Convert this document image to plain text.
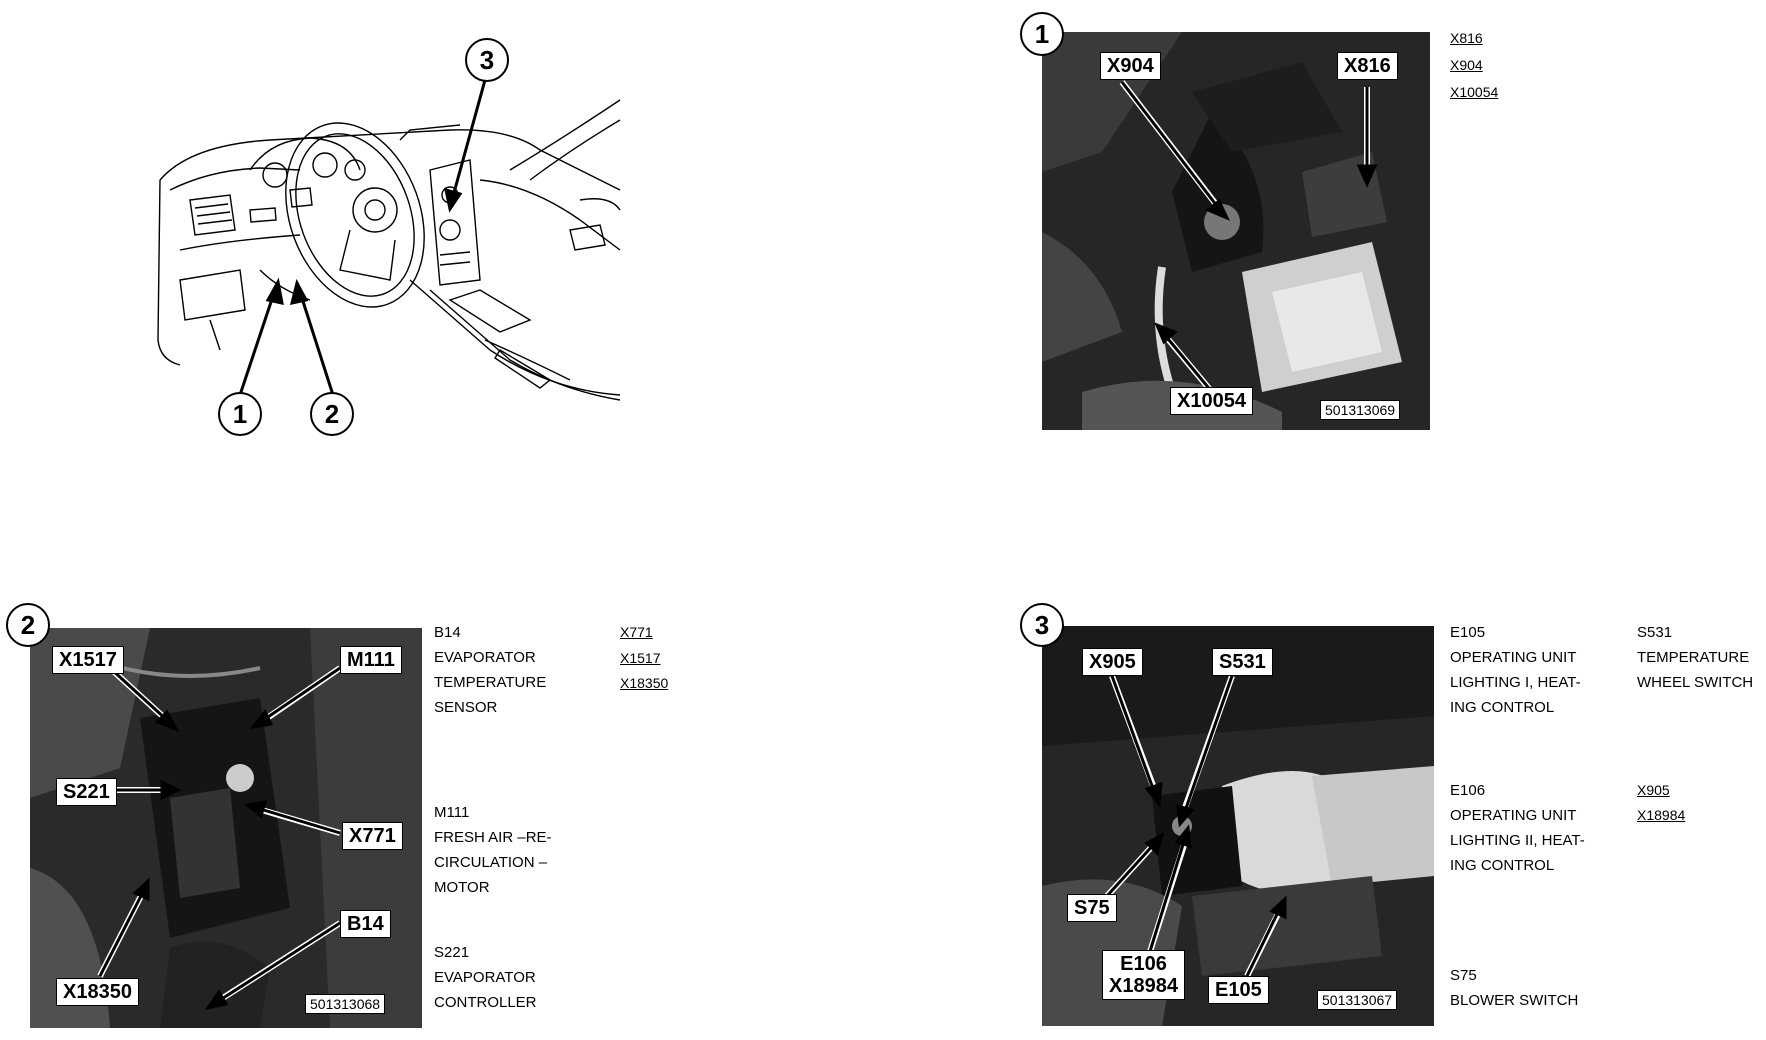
1	2
3	X904	X816
X10054	501313069
1	X816
X904
X10054
X1517	M111
S221
X771
B14
X18350
501313068
2	B14
EVAPORATOR
TEMPERATURE
SENSOR
M111
FRESH AIR –RE-
CIRCULATION –
MOTOR
S221
EVAPORATOR
CONTROLLER
X771
X1517
X18350
X905	S531
S75
E106
X18984	E105	501313067
3	E105
OPERATING UNIT
LIGHTING I, HEAT-
ING CONTROL
S531
TEMPERATURE
WHEEL SWITCH
E106
OPERATING UNIT
LIGHTING II, HEAT-
ING CONTROL
S75
BLOWER SWITCH
X905
X18984
